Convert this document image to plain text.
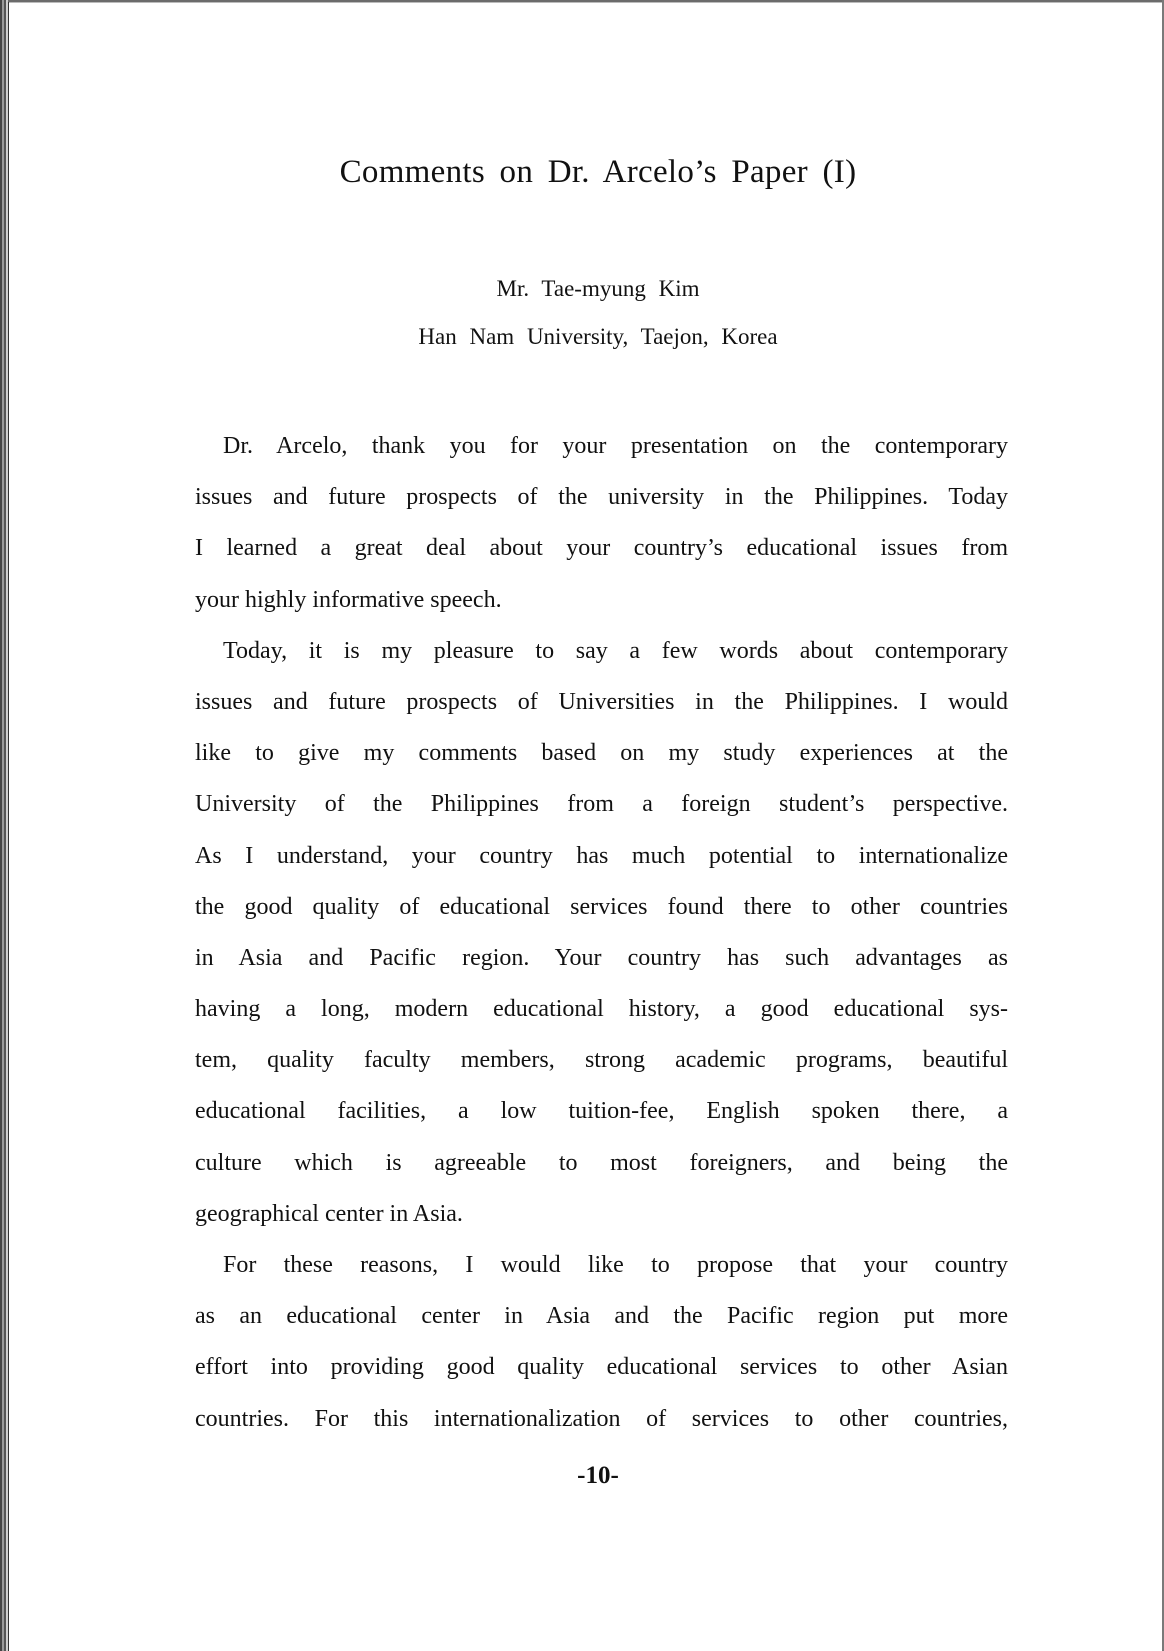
Comments on Dr. Arcelo’s Paper (I)
Mr. Tae-myung Kim
Han Nam University, Taejon, Korea
Dr. Arcelo, thank you for your presentation on the contemporary
issues and future prospects of the university in the Philippines. Today
I learned a great deal about your country’s educational issues from
your highly informative speech.
Today, it is my pleasure to say a few words about contemporary
issues and future prospects of Universities in the Philippines. I would
like to give my comments based on my study experiences at the
University of the Philippines from a foreign student’s perspective.
As I understand, your country has much potential to internationalize
the good quality of educational services found there to other countries
in Asia and Pacific region. Your country has such advantages as
having a long, modern educational history, a good educational sys-
tem, quality faculty members, strong academic programs, beautiful
educational facilities, a low tuition-fee, English spoken there, a
culture which is agreeable to most foreigners, and being the
geographical center in Asia.
For these reasons, I would like to propose that your country
as an educational center in Asia and the Pacific region put more
effort into providing good quality educational services to other Asian
countries. For this internationalization of services to other countries,
-10-
